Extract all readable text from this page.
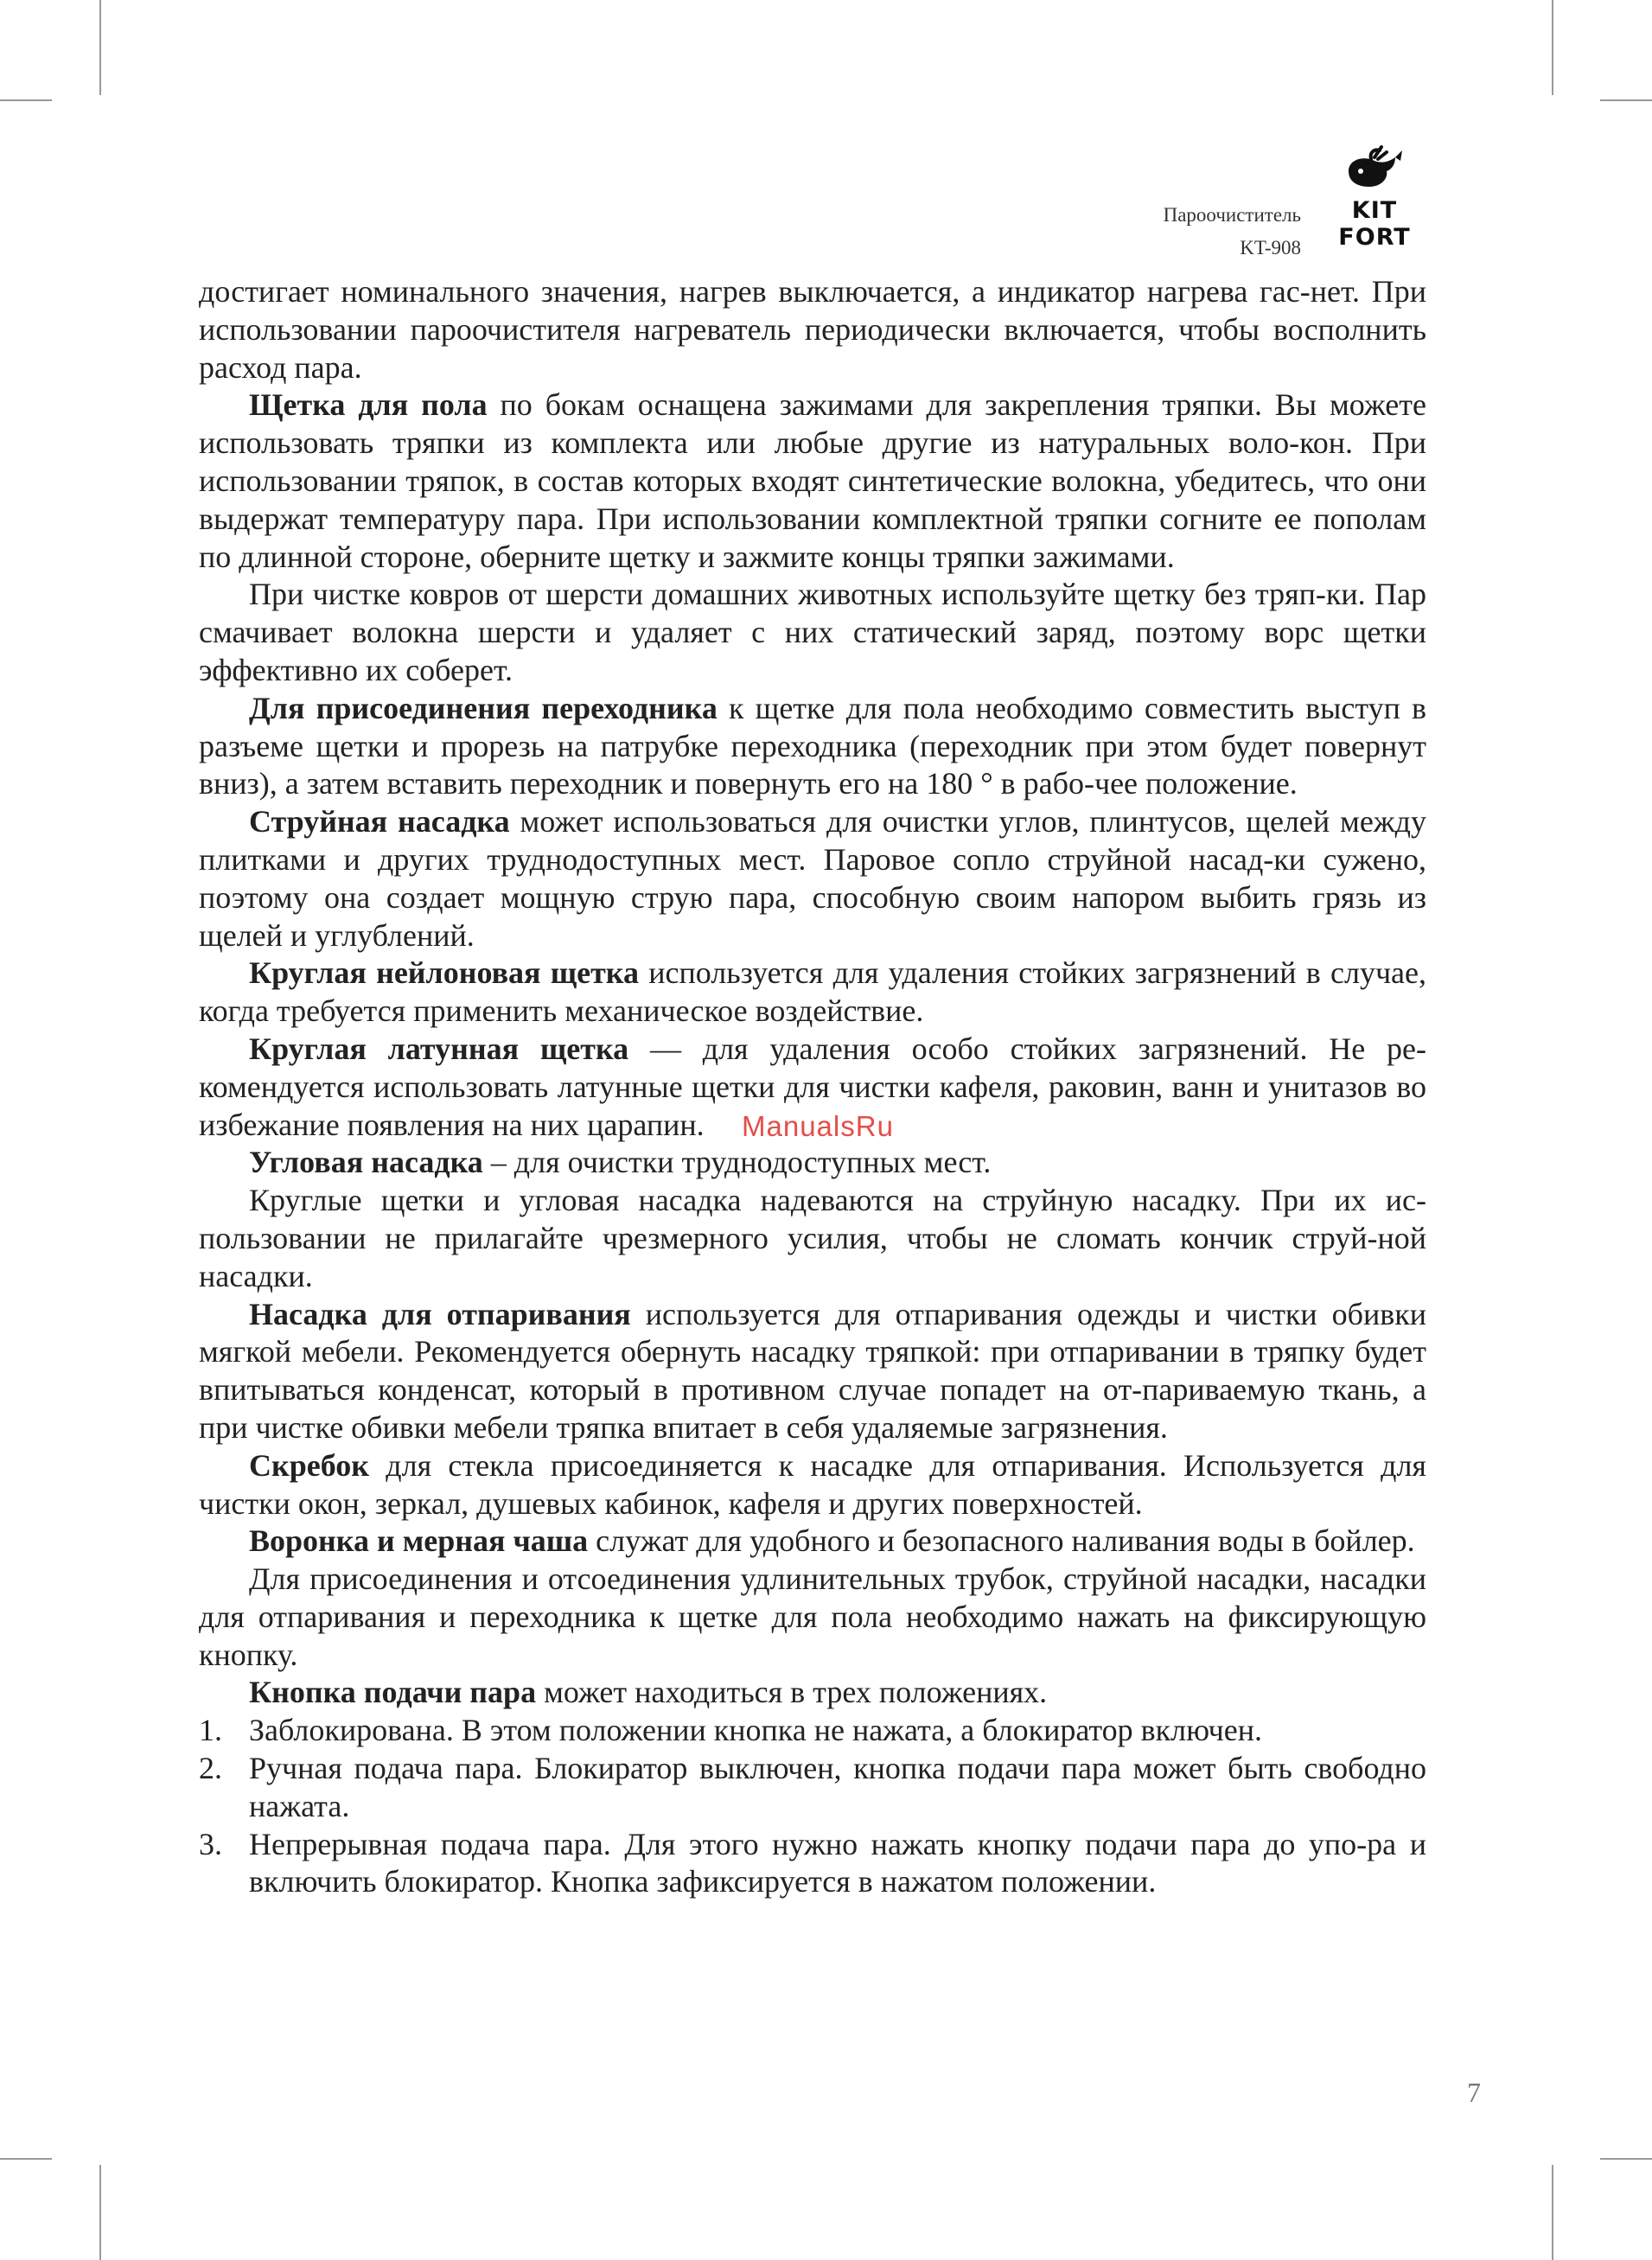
Пароочиститель
KT-908
KIT
FORT

достигает номинального значения, нагрев выключается, а индикатор нагрева гас-нет. При использовании пароочистителя нагреватель периодически включается, чтобы восполнить расход пара.

Щетка для пола по бокам оснащена зажимами для закрепления тряпки. Вы можете использовать тряпки из комплекта или любые другие из натуральных воло-кон. При использовании тряпок, в состав которых входят синтетические волокна, убедитесь, что они выдержат температуру пара. При использовании комплектной тряпки согните ее пополам по длинной стороне, оберните щетку и зажмите концы тряпки зажимами.

При чистке ковров от шерсти домашних животных используйте щетку без тряп-ки. Пар смачивает волокна шерсти и удаляет с них статический заряд, поэтому ворс щетки эффективно их соберет.

Для присоединения переходника к щетке для пола необходимо совместить выступ в разъеме щетки и прорезь на патрубке переходника (переходник при этом будет повернут вниз), а затем вставить переходник и повернуть его на 180 ° в рабо-чее положение.

Струйная насадка может использоваться для очистки углов, плинтусов, щелей между плитками и других труднодоступных мест. Паровое сопло струйной насад-ки сужено, поэтому она создает мощную струю пара, способную своим напором выбить грязь из щелей и углублений.

Круглая нейлоновая щетка используется для удаления стойких загрязнений в случае, когда требуется применить механическое воздействие.

Круглая латунная щетка — для удаления особо стойких загрязнений. Не ре-комендуется использовать латунные щетки для чистки кафеля, раковин, ванн и унитазов во избежание появления на них царапин.

Угловая насадка – для очистки труднодоступных мест.

Круглые щетки и угловая насадка надеваются на струйную насадку. При их ис-пользовании не прилагайте чрезмерного усилия, чтобы не сломать кончик струй-ной насадки.

Насадка для отпаривания используется для отпаривания одежды и чистки обивки мягкой мебели. Рекомендуется обернуть насадку тряпкой: при отпаривании в тряпку будет впитываться конденсат, который в противном случае попадет на от-париваемую ткань, а при чистке обивки мебели тряпка впитает в себя удаляемые загрязнения.

Скребок для стекла присоединяется к насадке для отпаривания. Используется для чистки окон, зеркал, душевых кабинок, кафеля и других поверхностей.

Воронка и мерная чаша служат для удобного и безопасного наливания воды в бойлер.

Для присоединения и отсоединения удлинительных трубок, струйной насадки, насадки для отпаривания и переходника к щетке для пола необходимо нажать на фиксирующую кнопку.

Кнопка подачи пара может находиться в трех положениях.

1. Заблокирована. В этом положении кнопка не нажата, а блокиратор включен.
2. Ручная подача пара. Блокиратор выключен, кнопка подачи пара может быть свободно нажата.
3. Непрерывная подача пара. Для этого нужно нажать кнопку подачи пара до упо-ра и включить блокиратор. Кнопка зафиксируется в нажатом положении.
ManualsRu
7
